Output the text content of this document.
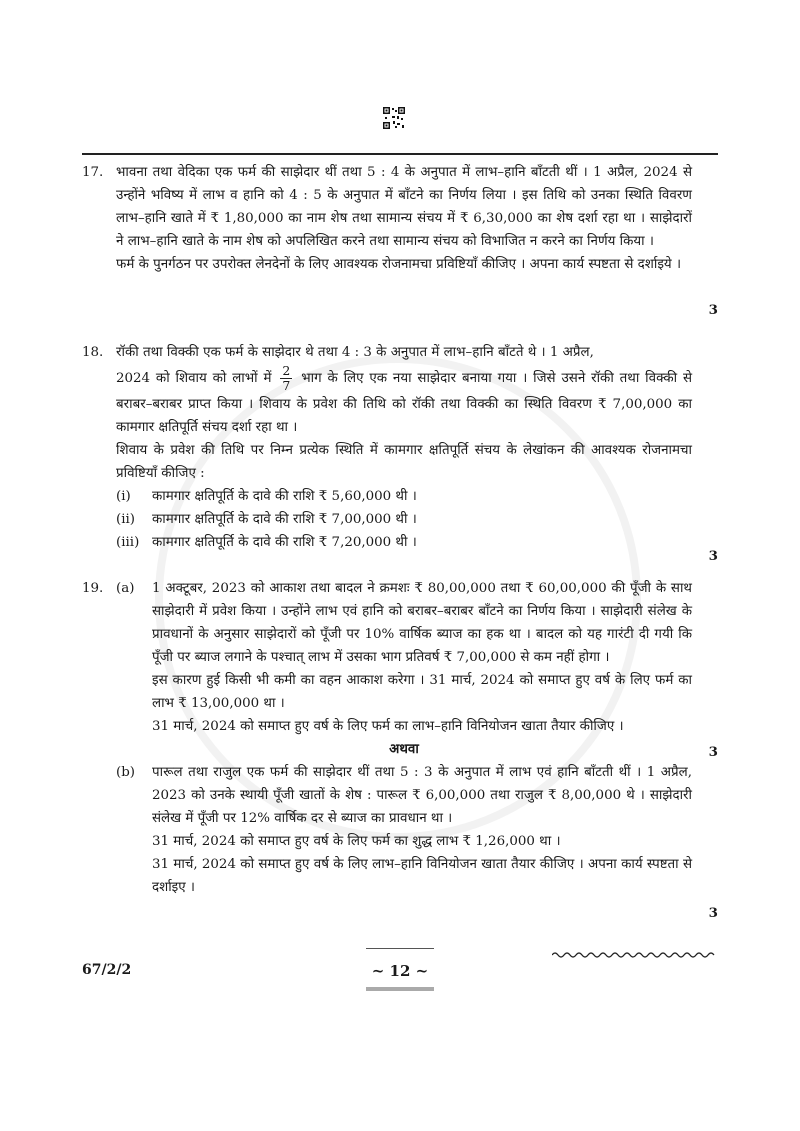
17. भावना तथा वेदिका एक फर्म की साझेदार थीं तथा 5 : 4 के अनुपात में लाभ–हानि बाँटती थीं । 1 अप्रैल, 2024 से उन्होंने भविष्य में लाभ व हानि को 4 : 5 के अनुपात में बाँटने का निर्णय लिया । इस तिथि को उनका स्थिति विवरण लाभ–हानि खाते में ₹ 1,80,000 का नाम शेष तथा सामान्य संचय में ₹ 6,30,000 का शेष दर्शा रहा था । साझेदारों ने लाभ–हानि खाते के नाम शेष को अपलिखित करने तथा सामान्य संचय को विभाजित न करने का निर्णय किया ।
फर्म के पुनर्गठन पर उपरोक्त लेनदेनों के लिए आवश्यक रोजनामचा प्रविष्टियाँ कीजिए । अपना कार्य स्पष्टता से दर्शाइये ।
3
18. रॉकी तथा विक्की एक फर्म के साझेदार थे तथा 4 : 3 के अनुपात में लाभ–हानि बाँटते थे । 1 अप्रैल,
2024 को शिवाय को लाभों में $\frac{2}{7}$ भाग के लिए एक नया साझेदार बनाया गया । जिसे उसने रॉकी तथा विक्की से बराबर–बराबर प्राप्त किया । शिवाय के प्रवेश की तिथि को रॉकी तथा विक्की का स्थिति विवरण ₹ 7,00,000 का कामगार क्षतिपूर्ति संचय दर्शा रहा था ।
शिवाय के प्रवेश की तिथि पर निम्न प्रत्येक स्थिति में कामगार क्षतिपूर्ति संचय के लेखांकन की आवश्यक रोजनामचा प्रविष्टियाँ कीजिए :
(i) कामगार क्षतिपूर्ति के दावे की राशि ₹ 5,60,000 थी ।
(ii) कामगार क्षतिपूर्ति के दावे की राशि ₹ 7,00,000 थी ।
(iii) कामगार क्षतिपूर्ति के दावे की राशि ₹ 7,20,000 थी ।
3
19. (a) 1 अक्टूबर, 2023 को आकाश तथा बादल ने क्रमशः ₹ 80,00,000 तथा ₹ 60,00,000 की पूँजी के साथ साझेदारी में प्रवेश किया । उन्होंने लाभ एवं हानि को बराबर–बराबर बाँटने का निर्णय किया । साझेदारी संलेख के प्रावधानों के अनुसार साझेदारों को पूँजी पर 10% वार्षिक ब्याज का हक था । बादल को यह गारंटी दी गयी कि पूँजी पर ब्याज लगाने के पश्चात् लाभ में उसका भाग प्रतिवर्ष ₹ 7,00,000 से कम नहीं होगा ।
इस कारण हुई किसी भी कमी का वहन आकाश करेगा । 31 मार्च, 2024 को समाप्त हुए वर्ष के लिए फर्म का लाभ ₹ 13,00,000 था ।
31 मार्च, 2024 को समाप्त हुए वर्ष के लिए फर्म का लाभ–हानि विनियोजन खाता तैयार कीजिए ।
अथवा
(b) पारूल तथा राजुल एक फर्म की साझेदार थीं तथा 5 : 3 के अनुपात में लाभ एवं हानि बाँटती थीं । 1 अप्रैल, 2023 को उनके स्थायी पूँजी खातों के शेष : पारूल ₹ 6,00,000 तथा राजुल ₹ 8,00,000 थे । साझेदारी संलेख में पूँजी पर 12% वार्षिक दर से ब्याज का प्रावधान था ।
31 मार्च, 2024 को समाप्त हुए वर्ष के लिए फर्म का शुद्ध लाभ ₹ 1,26,000 था ।
31 मार्च, 2024 को समाप्त हुए वर्ष के लिए लाभ–हानि विनियोजन खाता तैयार कीजिए । अपना कार्य स्पष्टता से दर्शाइए ।
3
3
67/2/2	~ 12 ~
